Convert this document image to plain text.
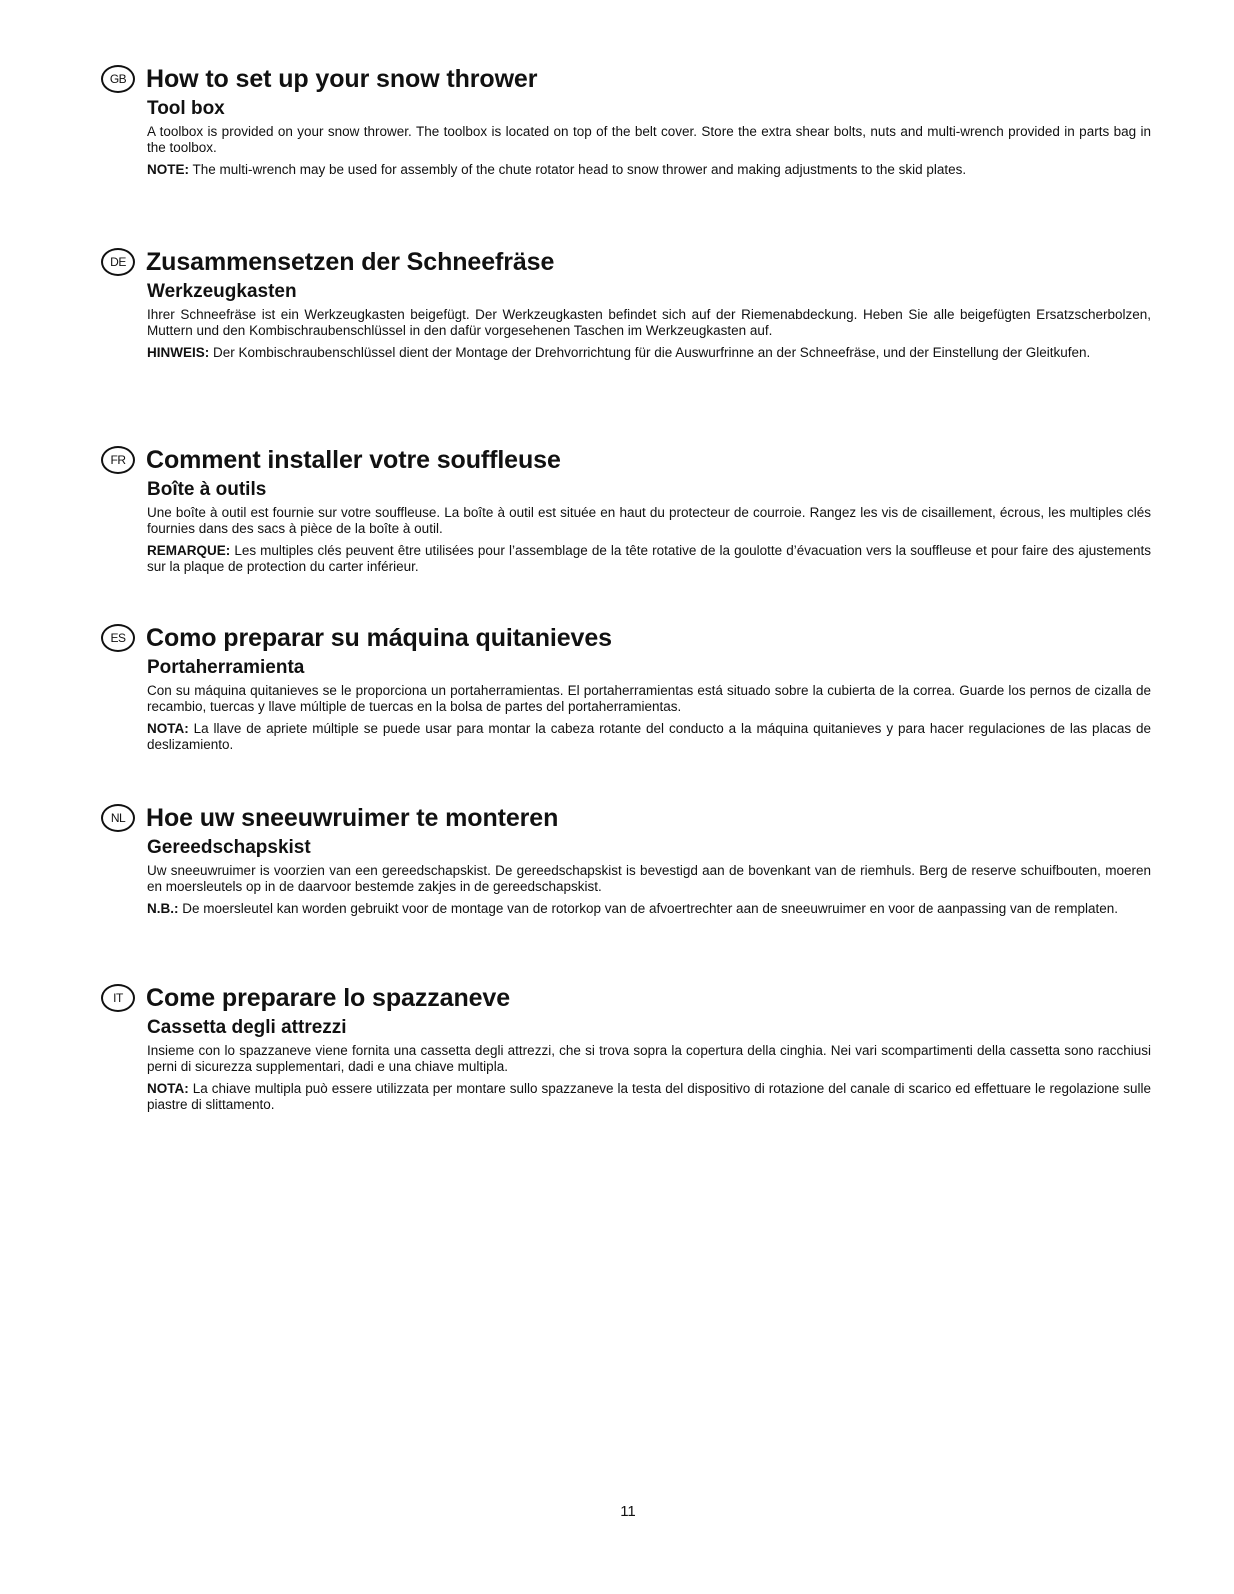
GB How to set up your snow thrower
Tool box

A toolbox is provided on your snow thrower. The toolbox is located on top of the belt cover. Store the extra shear bolts, nuts and multi-wrench provided in parts bag in the toolbox.

NOTE: The multi-wrench may be used for assembly of the chute rotator head to snow thrower and making adjustments to the skid plates.

DE Zusammensetzen der Schneefräse
Werkzeugkasten

Ihrer Schneefräse ist ein Werkzeugkasten beigefügt. Der Werkzeugkasten befindet sich auf der Riemenabdeckung. Heben Sie alle beigefügten Ersatzscherbolzen, Muttern und den Kombischraubenschlüssel in den dafür vorgesehenen Taschen im Werkzeugkasten auf.

HINWEIS: Der Kombischraubenschlüssel dient der Montage der Drehvorrichtung für die Auswurfrinne an der Schneefräse, und der Einstellung der Gleitkufen.

FR Comment installer votre souffleuse
Boîte à outils

Une boîte à outil est fournie sur votre souffleuse. La boîte à outil est située en haut du protecteur de courroie. Rangez les vis de cisaillement, écrous, les multiples clés fournies dans des sacs à pièce de la boîte à outil.

REMARQUE: Les multiples clés peuvent être utilisées pour l’assemblage de la tête rotative de la goulotte d’évacuation vers la souffleuse et pour faire des ajustements sur la plaque de protection du carter inférieur.

ES Como preparar su máquina quitanieves
Portaherramienta

Con su máquina quitanieves se le proporciona un portaherramientas. El portaherramientas está situado sobre la cubierta de la correa. Guarde los pernos de cizalla de recambio, tuercas y llave múltiple de tuercas en la bolsa de partes del portaherramientas.

NOTA: La llave de apriete múltiple se puede usar para montar la cabeza rotante del conducto a la máquina quitanieves y para hacer regulaciones de las placas de deslizamiento.

NL Hoe uw sneeuwruimer te monteren
Gereedschapskist

Uw sneeuwruimer is voorzien van een gereedschapskist. De gereedschapskist is bevestigd aan de bovenkant van de riemhuls. Berg de reserve schuifbouten, moeren en moersleutels op in de daarvoor bestemde zakjes in de gereedschapskist.

N.B.: De moersleutel kan worden gebruikt voor de montage van de rotorkop van de afvoertrechter aan de sneeuwruimer en voor de aanpassing van de remplaten.

IT Come preparare lo spazzaneve
Cassetta degli attrezzi

Insieme con lo spazzaneve viene fornita una cassetta degli attrezzi, che si trova sopra la copertura della cinghia. Nei vari scompartimenti della cassetta sono racchiusi perni di sicurezza supplementari, dadi e una chiave multipla.

NOTA: La chiave multipla può essere utilizzata per montare sullo spazzaneve la testa del dispositivo di rotazione del canale di scarico ed effettuare le regolazione sulle piastre di slittamento.

11
